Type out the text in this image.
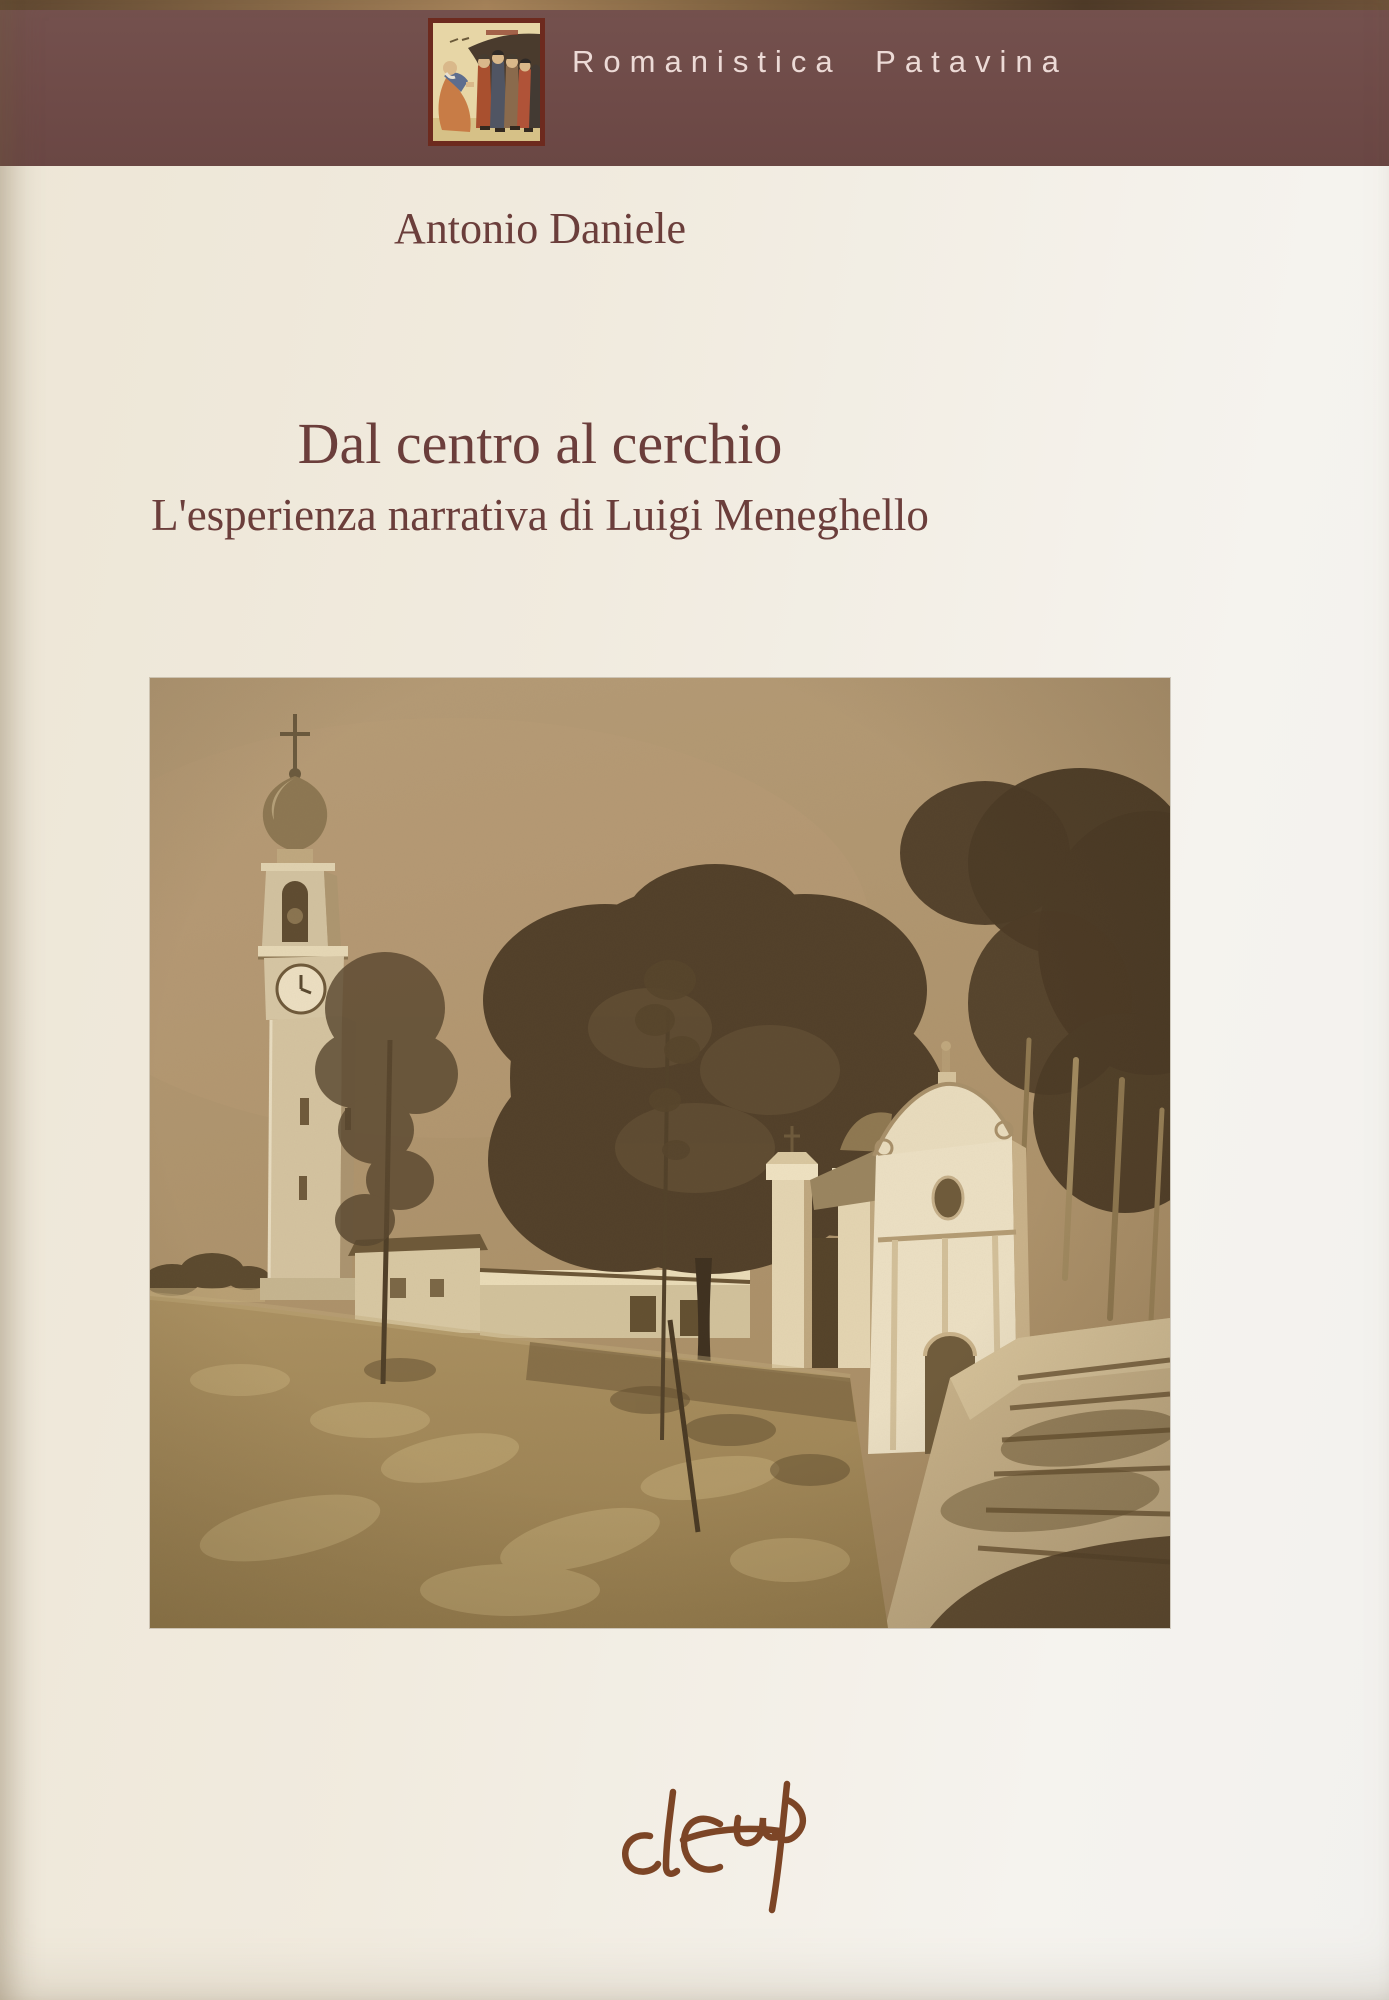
Romanistica Patavina
Antonio Daniele
Dal centro al cerchio
L'esperienza narrativa di Luigi Meneghello
